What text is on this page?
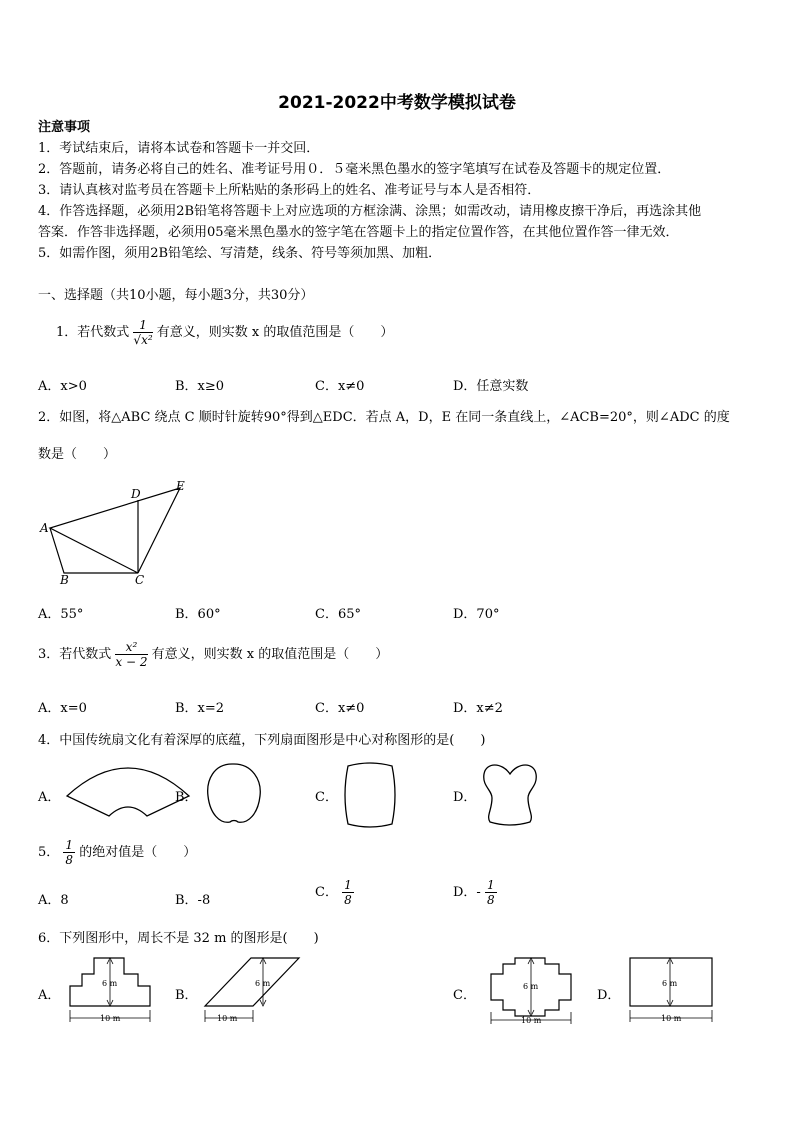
2021-2022中考数学模拟试卷
注意事项
1．考试结束后，请将本试卷和答题卡一并交回．
2．答题前，请务必将自己的姓名、准考证号用０．５毫米黑色墨水的签字笔填写在试卷及答题卡的规定位置．
3．请认真核对监考员在答题卡上所粘贴的条形码上的姓名、准考证号与本人是否相符．
4．作答选择题，必须用2B铅笔将答题卡上对应选项的方框涂满、涂黑；如需改动，请用橡皮擦干净后，再选涂其他
答案．作答非选择题，必须用05毫米黑色墨水的签字笔在答题卡上的指定位置作答，在其他位置作答一律无效．
5．如需作图，须用2B铅笔绘、写清楚，线条、符号等须加黑、加粗．
一、选择题（共10小题，每小题3分，共30分）
1．若代数式 $\frac{1}{\text{√x²}}$ 有意义，则实数 x 的取值范围是（　　）
A．x>0	B．x≥0	C．x≠0	D．任意实数
2．如图，将△ABC 绕点 C 顺时针旋转90°得到△EDC．若点 A，D，E 在同一条直线上，∠ACB=20°，则∠ADC 的度
数是（　　）
A
B	C
D
E
A．55°	B．60°	C．65°	D．70°
3．若代数式 $\frac{\text{x²}}{x - 2}$ 有意义，则实数 x 的取值范围是（　　）
A．x=0	B．x=2	C．x≠0	D．x≠2
4．中国传统扇文化有着深厚的底蕴，下列扇面图形是中心对称图形的是(　　)
A．	B．	C．	D．
5． $\frac{1}{8}$ 的绝对值是（　　）
A．8	B．-8
C． $\frac{1}{8}$	D．- $\frac{1}{8}$
6．下列图形中，周长不是 32 m 的图形是(　　)
A．
6 m
10 m
B．
6 m
10 m
C．
6 m
10 m
D．
6 m
10 m
